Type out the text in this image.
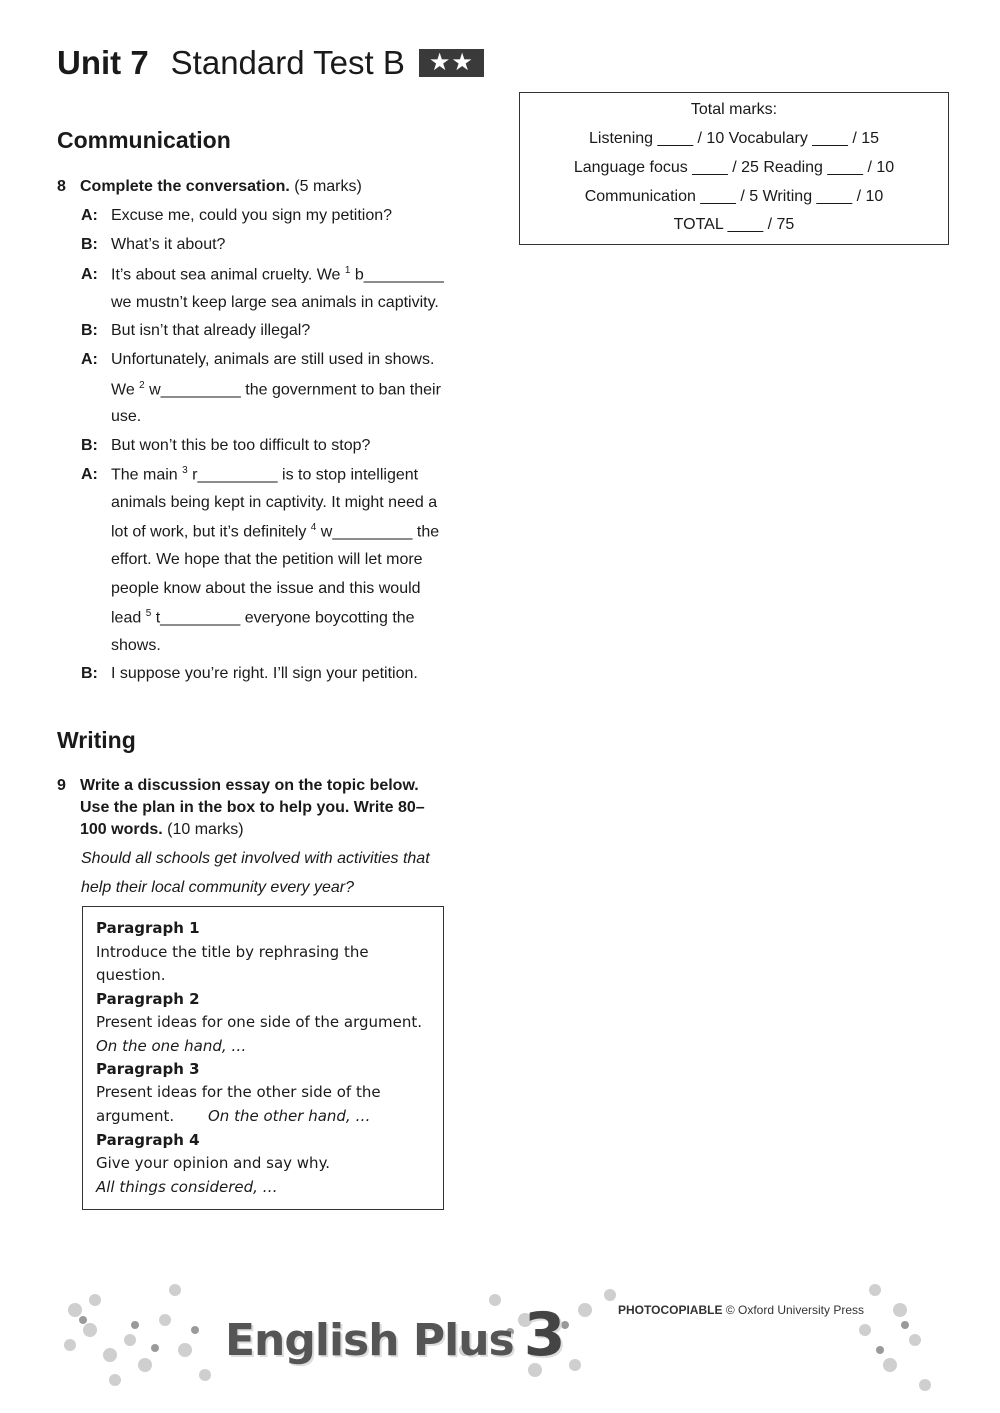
Unit 7 Standard Test B ★★
Total marks:
Listening ____ / 10 Vocabulary ____ / 15
Language focus ____ / 25 Reading ____ / 10
Communication ____ / 5 Writing ____ / 10
TOTAL ____ / 75
Communication
8 Complete the conversation. (5 marks)
A: Excuse me, could you sign my petition?
B: What’s it about?
A: It’s about sea animal cruelty. We $^1$ b_________
we mustn’t keep large sea animals in captivity.
B: But isn’t that already illegal?
A: Unfortunately, animals are still used in shows.
We $^2$ w_________ the government to ban their
use.
B: But won’t this be too difficult to stop?
A: The main $^3$ r_________ is to stop intelligent
animals being kept in captivity. It might need a
lot of work, but it’s definitely $^4$ w_________ the
effort. We hope that the petition will let more
people know about the issue and this would
lead $^5$ t_________ everyone boycotting the
shows.
B: I suppose you’re right. I’ll sign your petition.
Writing
9 Write a discussion essay on the topic below.
Use the plan in the box to help you. Write 80–
100 words. (10 marks)
Should all schools get involved with activities that
help their local community every year?
Paragraph 1
Introduce the title by rephrasing the
question.
Paragraph 2
Present ideas for one side of the argument.
On the one hand, …
Paragraph 3
Present ideas for the other side of the
argument. On the other hand, …
Paragraph 4
Give your opinion and say why.
All things considered, …
English Plus 3	PHOTOCOPIABLE © Oxford University Press
